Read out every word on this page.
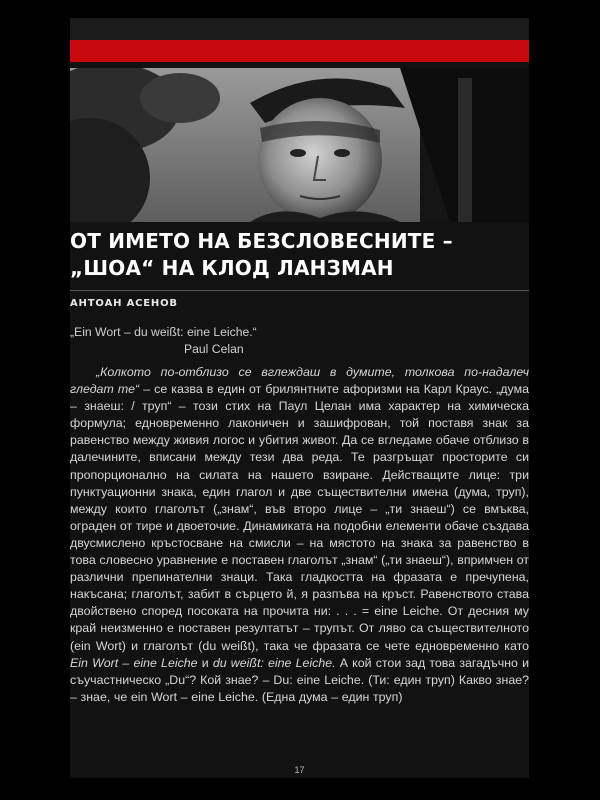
ОТ ИМЕТО НА БЕЗСЛОВЕСНИТЕ –
„ШОА“ НА КЛОД ЛАНЗМАН
АНТОАН АСЕНОВ
„Ein Wort – du weißt: eine Leiche.“
Paul Celan

„Колкото по-отблизо се вглеждаш в думите, толкова по-надалеч гледат те“ – се казва в един от брилянтните афоризми на Карл Краус. „дума – знаеш: / труп“ – този стих на Паул Целан има характер на химическа формула; едновременно лаконичен и зашифрован, той поставя знак за равенство между живия логос и убития живот. Да се вгледаме обаче отблизо в далечините, вписани между тези два реда. Те разгръщат просторите си пропорционално на силата на нашето взиране. Действащите лице: три пунктуационни знака, един глагол и две съществителни имена (дума, труп), между които глаголът („знам“, във второ лице – „ти знаеш“) се вмъква, ограден от тире и двоеточие. Динамиката на подобни елементи обаче създава двусмислено кръстосване на смисли – на мястото на знака за равенство в това словесно уравнение е поставен глаголът „знам“ („ти знаеш“), впримчен от различни препинателни знаци. Така гладкостта на фразата е пречупена, накъсана; глаголът, забит в сърцето й, я разпъва на кръст. Равенството става двойствено според посоката на прочита ни: . . . = eine Leiche. От десния му край неизменно е поставен резултатът – трупът. От ляво са съществителното (ein Wort) и глаголът (du weißt), така че фразата се чете едновременно като Ein Wort – eine Leiche и du weißt: eine Leiche. А кой стои зад това загадъчно и съучастническо „Du“? Кой знае? – Du: eine Leiche. (Ти: един труп) Какво знае? – знае, че ein Wort – eine Leiche. (Една дума – един труп)

17
